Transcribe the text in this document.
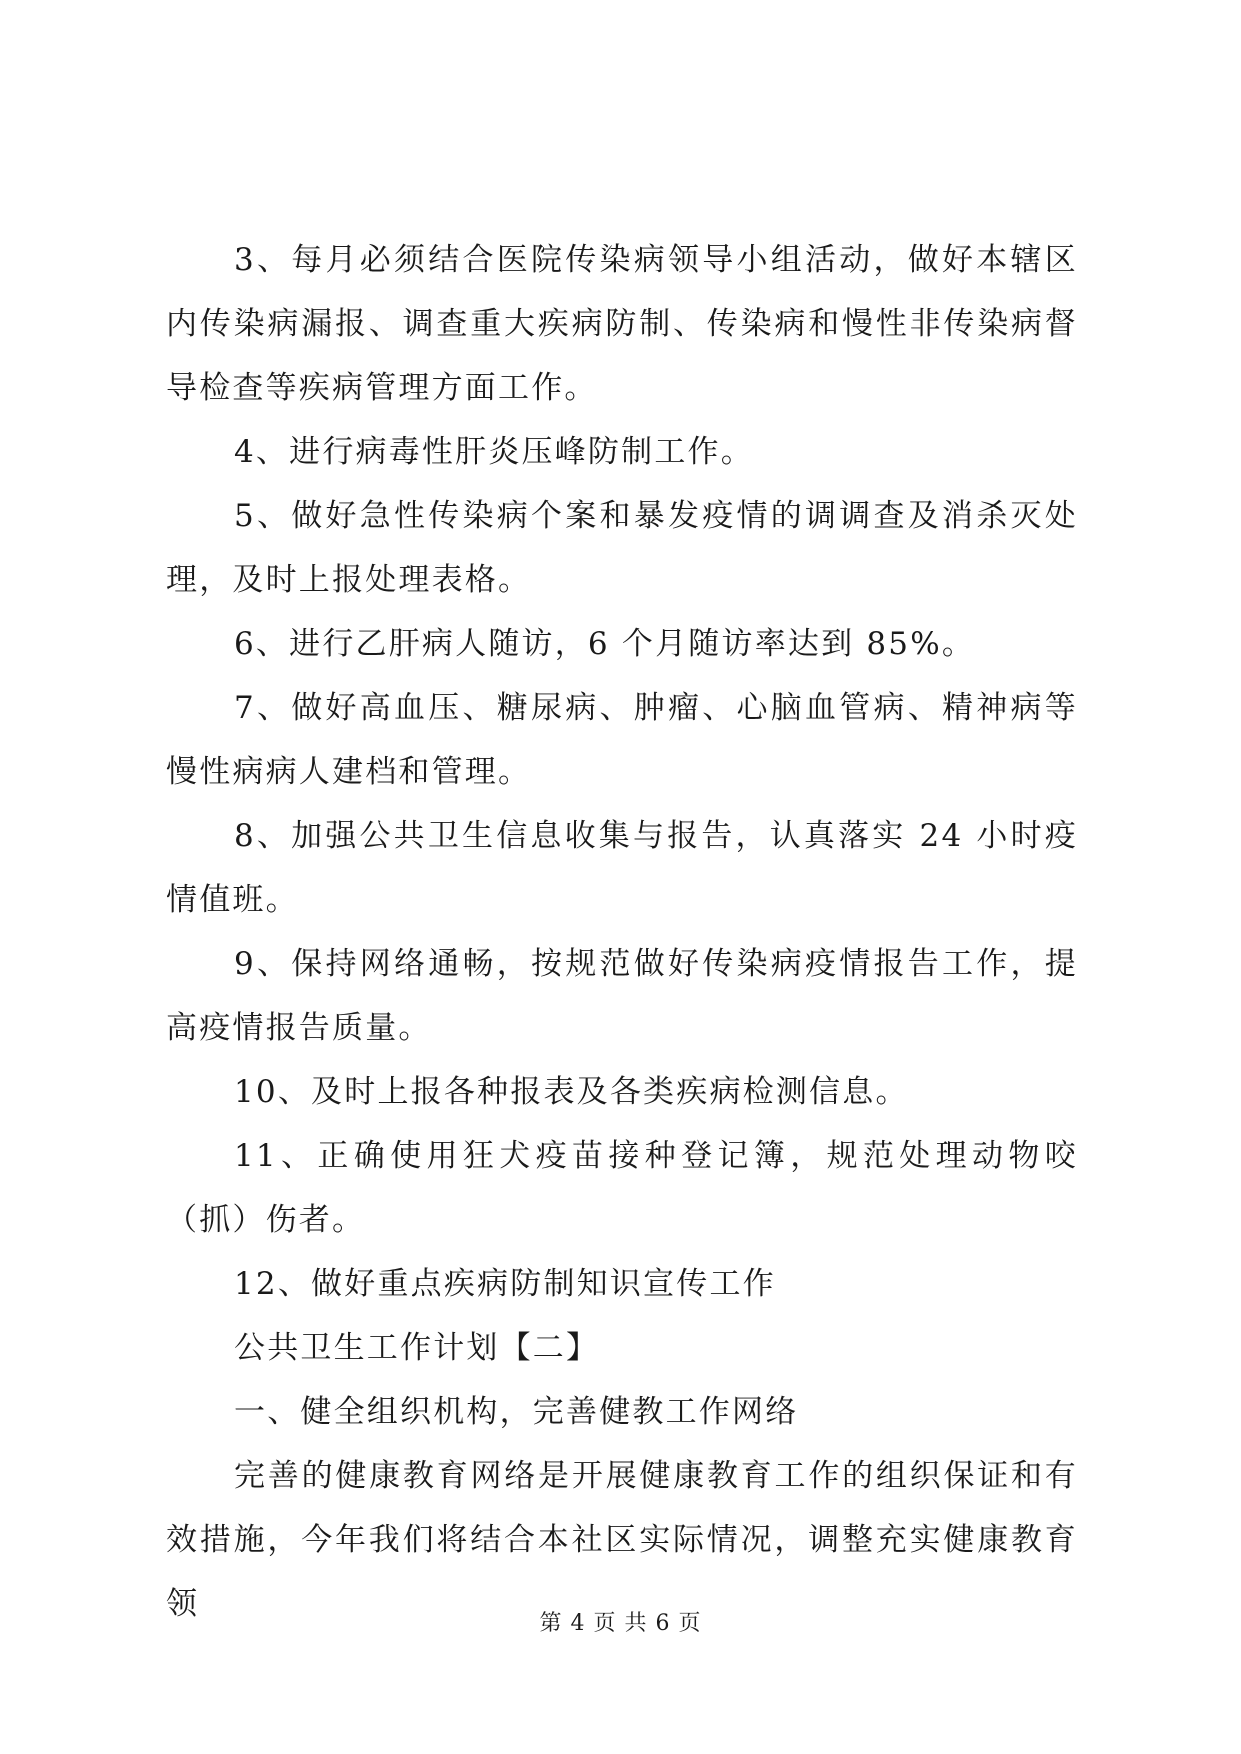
3、每月必须结合医院传染病领导小组活动，做好本辖区内传染病漏报、调查重大疾病防制、传染病和慢性非传染病督导检查等疾病管理方面工作。

4、进行病毒性肝炎压峰防制工作。

5、做好急性传染病个案和暴发疫情的调调查及消杀灭处理，及时上报处理表格。

6、进行乙肝病人随访，6 个月随访率达到 85%。

7、做好高血压、糖尿病、肿瘤、心脑血管病、精神病等慢性病病人建档和管理。

8、加强公共卫生信息收集与报告，认真落实 24 小时疫情值班。

9、保持网络通畅，按规范做好传染病疫情报告工作，提高疫情报告质量。

10、及时上报各种报表及各类疾病检测信息。

11、正确使用狂犬疫苗接种登记簿，规范处理动物咬（抓）伤者。

12、做好重点疾病防制知识宣传工作

公共卫生工作计划【二】

一、健全组织机构，完善健教工作网络

完善的健康教育网络是开展健康教育工作的组织保证和有效措施，今年我们将结合本社区实际情况，调整充实健康教育领

第 4 页 共 6 页
